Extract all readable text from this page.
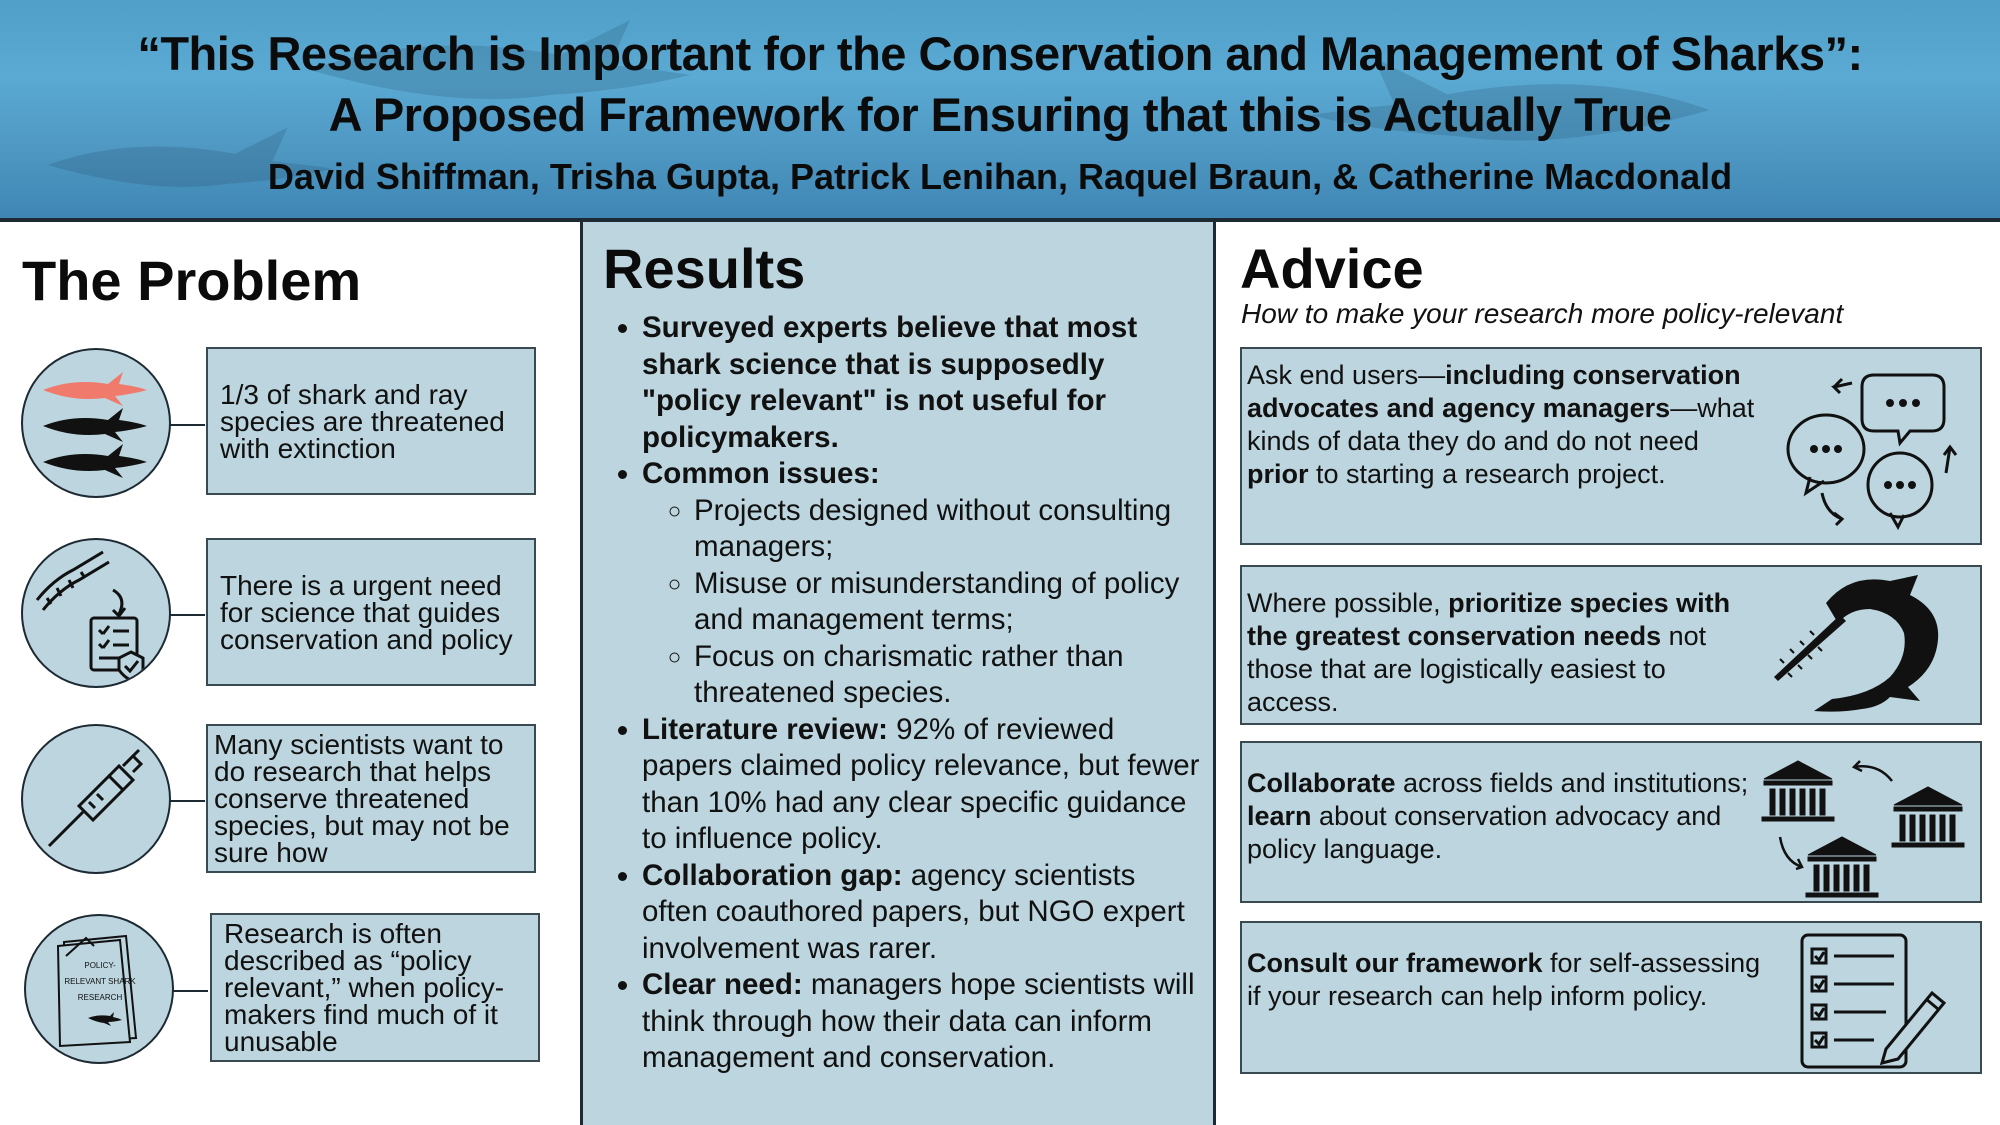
“This Research is Important for the Conservation and Management of Sharks”:
A Proposed Framework for Ensuring that this is Actually True
David Shiffman, Trisha Gupta, Patrick Lenihan, Raquel Braun, & Catherine Macdonald
The Problem
1/3 of shark and ray species are threatened with extinction
There is a urgent need for science that guides conservation and policy
Many scientists want to do research that helps conserve threatened species, but may not be sure how
POLICY-RELEVANT SHARK RESEARCH
Research is often described as “policy relevant,” when policy-makers find much of it unusable
Results
• Surveyed experts believe that most shark science that is supposedly "policy relevant" is not useful for policymakers.
• Common issues:
◦ Projects designed without consulting managers;
◦ Misuse or misunderstanding of policy and management terms;
◦ Focus on charismatic rather than threatened species.
• Literature review: 92% of reviewed papers claimed policy relevance, but fewer than 10% had any clear specific guidance to influence policy.
• Collaboration gap: agency scientists often coauthored papers, but NGO expert involvement was rarer.
• Clear need: managers hope scientists will think through how their data can inform management and conservation.
Advice
How to make your research more policy-relevant
Ask end users—including conservation advocates and agency managers—what kinds of data they do and do not need prior to starting a research project.
Where possible, prioritize species with the greatest conservation needs not those that are logistically easiest to access.
Collaborate across fields and institutions; learn about conservation advocacy and policy language.
Consult our framework for self-assessing if your research can help inform policy.
